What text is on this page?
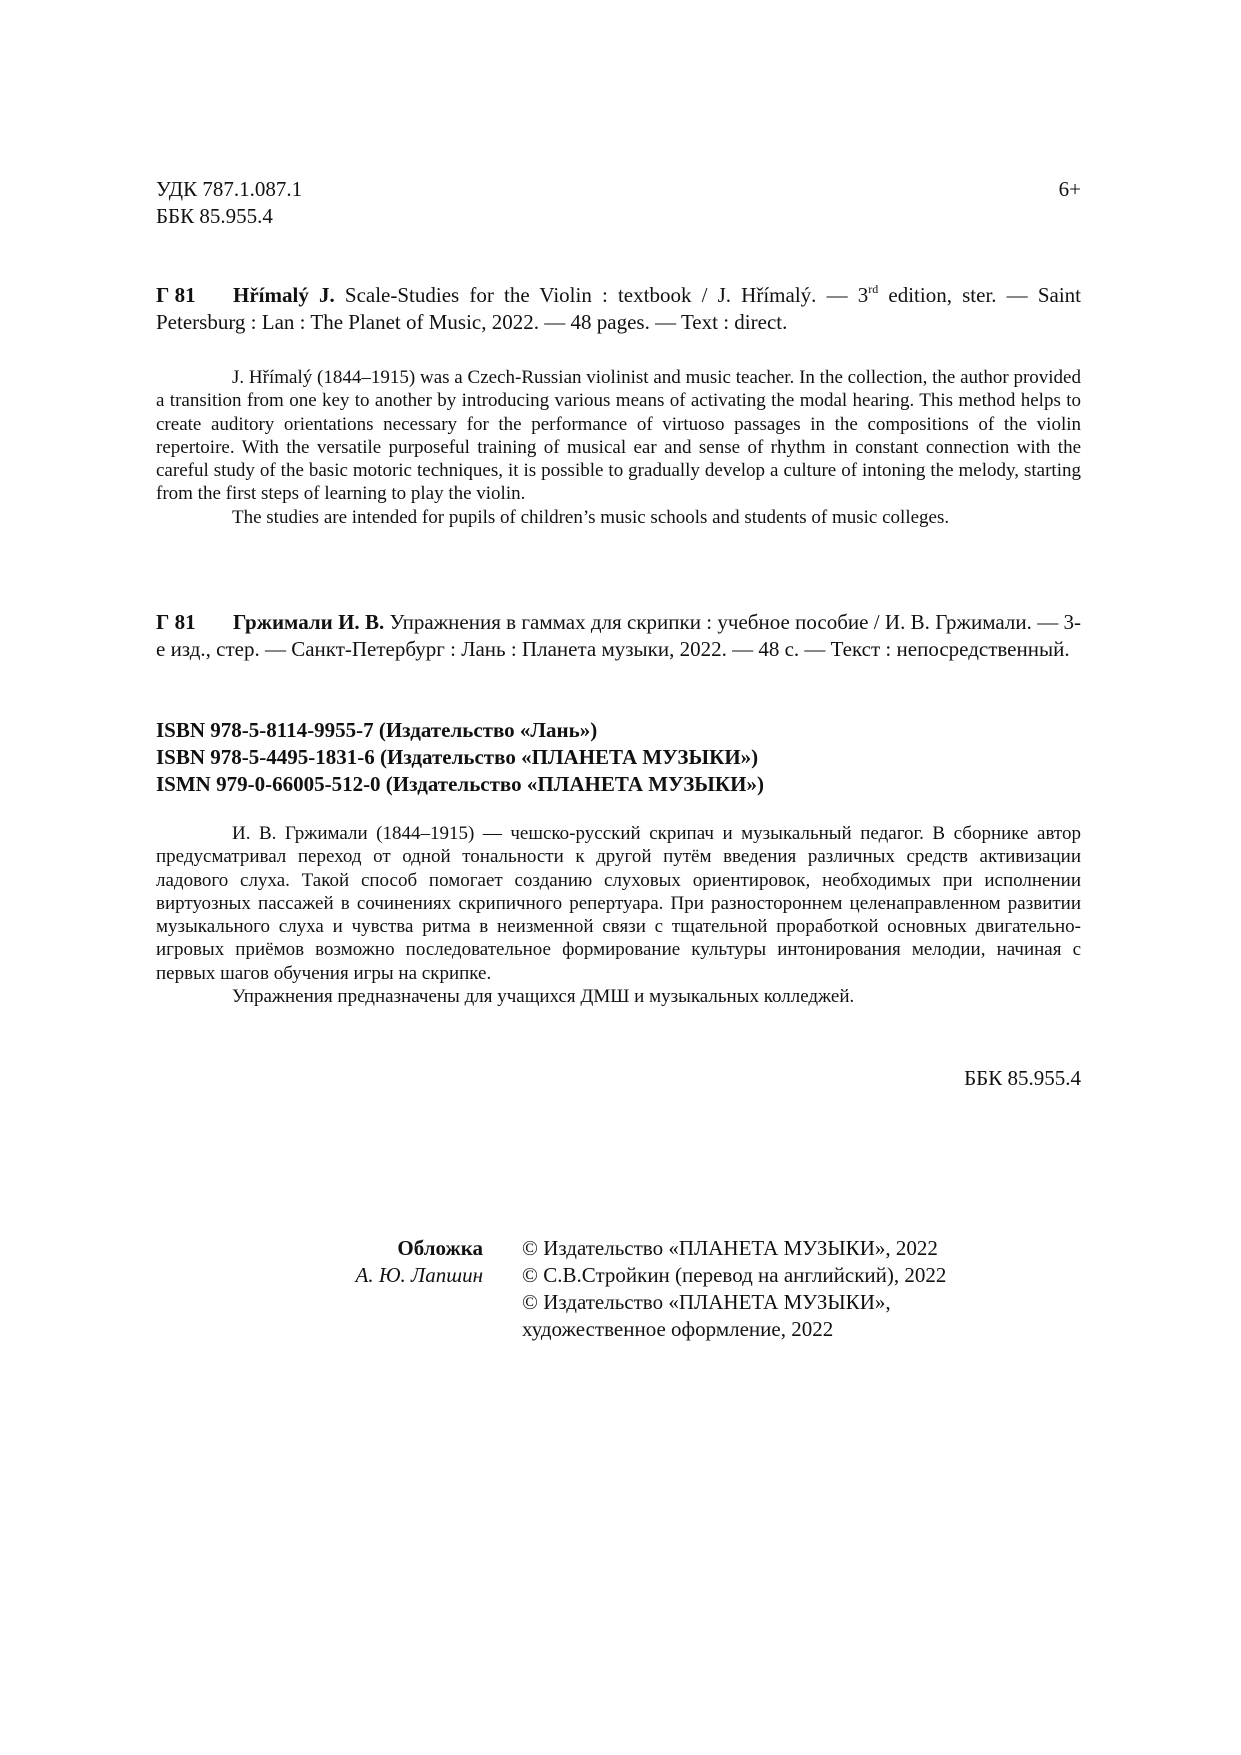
УДК 787.1.087.1
ББК 85.955.4
6+
Г 81 Hřímalý J. Scale-Studies for the Violin : textbook / J. Hřímalý. — 3rd edition, ster. — Saint Petersburg : Lan : The Planet of Music, 2022. — 48 pages. — Text : direct.

J. Hřímalý (1844–1915) was a Czech-Russian violinist and music teacher. In the collection, the author provided a transition from one key to another by introducing various means of activating the modal hearing. This method helps to create auditory orientations necessary for the performance of virtuoso passages in the compositions of the violin repertoire. With the versatile purposeful training of musical ear and sense of rhythm in constant connection with the careful study of the basic motoric techniques, it is possible to gradually develop a culture of intoning the melody, starting from the first steps of learning to play the violin.

The studies are intended for pupils of children’s music schools and students of music colleges.

Г 81 Гржимали И. В. Упражнения в гаммах для скрипки : учебное пособие / И. В. Гржимали. — 3-е изд., стер. — Санкт-Петербург : Лань : Планета музыки, 2022. — 48 с. — Текст : непосредственный.
ISBN 978-5-8114-9955-7 (Издательство «Лань»)
ISBN 978-5-4495-1831-6 (Издательство «ПЛАНЕТА МУЗЫКИ»)
ISMN 979-0-66005-512-0 (Издательство «ПЛАНЕТА МУЗЫКИ»)

И. В. Гржимали (1844–1915) — чешско-русский скрипач и музыкальный педагог. В сборнике автор предусматривал переход от одной тональности к другой путём введения различных средств активизации ладового слуха. Такой способ помогает созданию слуховых ориентировок, необходимых при исполнении виртуозных пассажей в сочинениях скрипичного репертуара. При разностороннем целенаправленном развитии музыкального слуха и чувства ритма в неизменной связи с тщательной проработкой основных двигательно-игровых приёмов возможно последовательное формирование культуры интонирования мелодии, начиная с первых шагов обучения игры на скрипке.

Упражнения предназначены для учащихся ДМШ и музыкальных колледжей.

ББК 85.955.4
Обложка
А. Ю. Лапшин
© Издательство «ПЛАНЕТА МУЗЫКИ», 2022
© С.В.Стройкин (перевод на английский), 2022
© Издательство «ПЛАНЕТА МУЗЫКИ»,
художественное оформление, 2022
